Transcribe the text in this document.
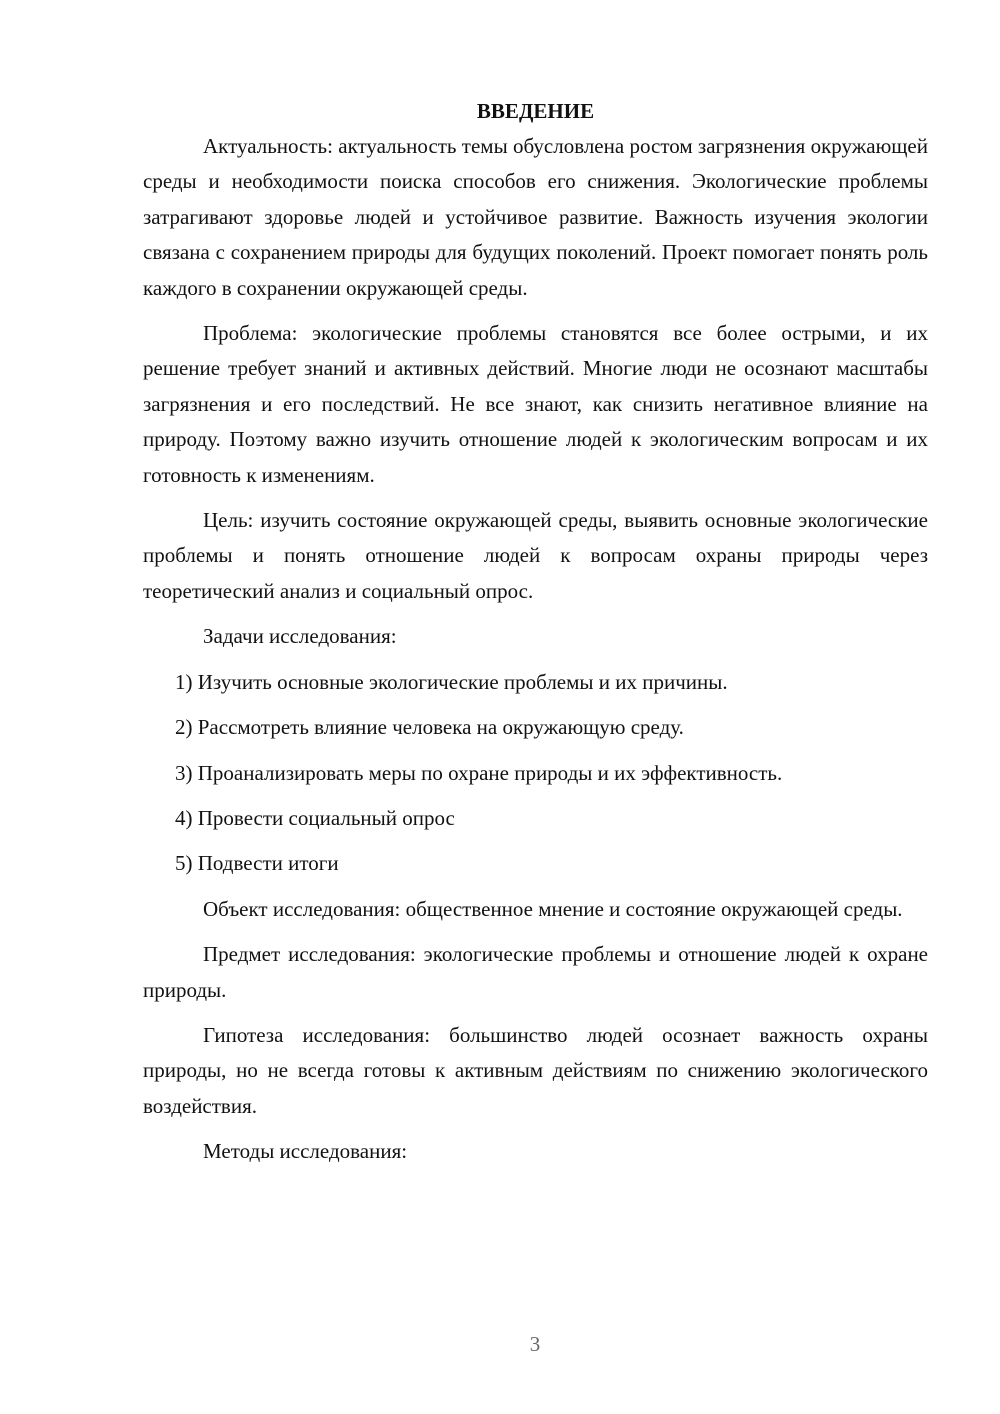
ВВЕДЕНИЕ

Актуальность: актуальность темы обусловлена ростом загрязнения окружающей среды и необходимости поиска способов его снижения. Экологические проблемы затрагивают здоровье людей и устойчивое развитие. Важность изучения экологии связана с сохранением природы для будущих поколений. Проект помогает понять роль каждого в сохранении окружающей среды.

Проблема: экологические проблемы становятся все более острыми, и их решение требует знаний и активных действий. Многие люди не осознают масштабы загрязнения и его последствий. Не все знают, как снизить негативное влияние на природу. Поэтому важно изучить отношение людей к экологическим вопросам и их готовность к изменениям.

Цель: изучить состояние окружающей среды, выявить основные экологические проблемы и понять отношение людей к вопросам охраны природы через теоретический анализ и социальный опрос.

Задачи исследования:

1) Изучить основные экологические проблемы и их причины.
2) Рассмотреть влияние человека на окружающую среду.
3) Проанализировать меры по охране природы и их эффективность.
4) Провести социальный опрос
5) Подвести итоги

Объект исследования: общественное мнение и состояние окружающей среды.

Предмет исследования: экологические проблемы и отношение людей к охране природы.

Гипотеза исследования: большинство людей осознает важность охраны природы, но не всегда готовы к активным действиям по снижению экологического воздействия.

Методы исследования:

3
